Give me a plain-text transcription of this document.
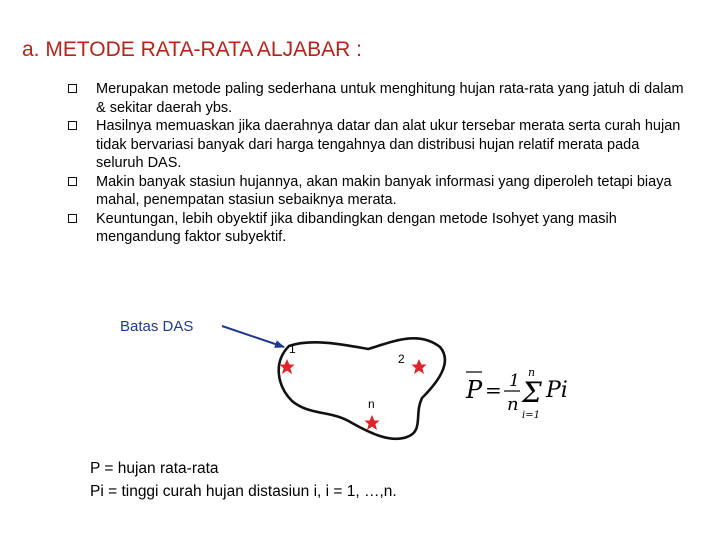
a. METODE RATA-RATA ALJABAR :
Merupakan metode paling sederhana untuk menghitung hujan rata-rata yang jatuh di dalam & sekitar daerah ybs.
Hasilnya memuaskan jika daerahnya datar dan alat ukur tersebar merata serta curah hujan tidak bervariasi banyak dari harga tengahnya dan distribusi hujan relatif merata pada seluruh DAS.
Makin banyak stasiun hujannya, akan makin banyak informasi yang diperoleh tetapi biaya mahal, penempatan stasiun sebaiknya merata.
Keuntungan, lebih obyektif jika dibandingkan dengan metode Isohyet yang masih mengandung faktor subyektif.
Batas DAS
1
2
n	P = 1
n
n
Σ
i=1
Pi
P = hujan rata-rata
Pi = tinggi curah hujan distasiun i, i = 1, …,n.
